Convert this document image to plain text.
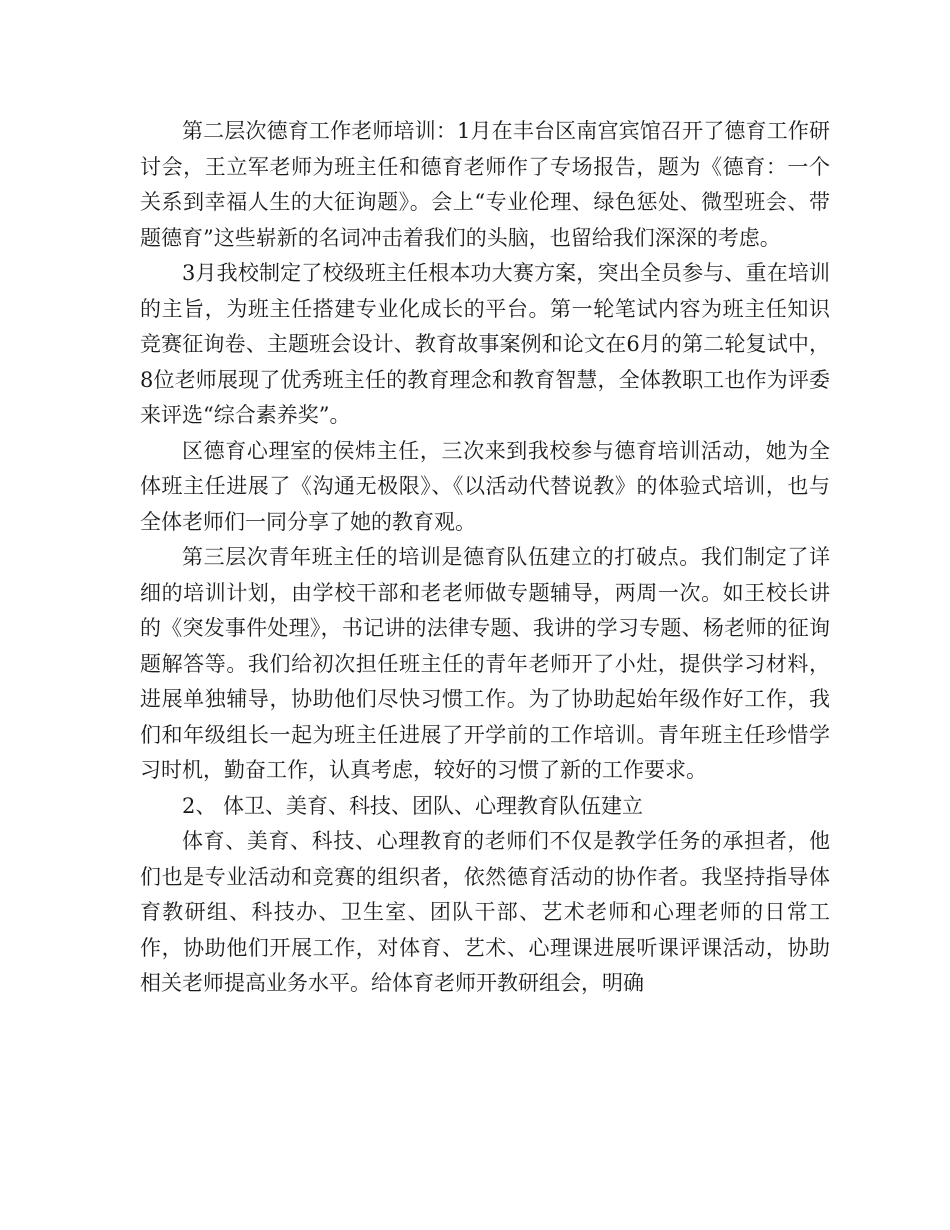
第二层次德育工作老师培训：1月在丰台区南宫宾馆召开了德育工作研讨会，王立军老师为班主任和德育老师作了专场报告，题为《德育：一个关系到幸福人生的大征询题》。会上“专业伦理、绿色惩处、微型班会、带题德育”这些崭新的名词冲击着我们的头脑，也留给我们深深的考虑。

3月我校制定了校级班主任根本功大赛方案，突出全员参与、重在培训的主旨，为班主任搭建专业化成长的平台。第一轮笔试内容为班主任知识竞赛征询卷、主题班会设计、教育故事案例和论文在6月的第二轮复试中，8位老师展现了优秀班主任的教育理念和教育智慧，全体教职工也作为评委来评选“综合素养奖”。

区德育心理室的侯炜主任，三次来到我校参与德育培训活动，她为全体班主任进展了《沟通无极限》、《以活动代替说教》的体验式培训，也与全体老师们一同分享了她的教育观。

第三层次青年班主任的培训是德育队伍建立的打破点。我们制定了详细的培训计划，由学校干部和老老师做专题辅导，两周一次。如王校长讲的《突发事件处理》，书记讲的法律专题、我讲的学习专题、杨老师的征询题解答等。我们给初次担任班主任的青年老师开了小灶，提供学习材料，进展单独辅导，协助他们尽快习惯工作。为了协助起始年级作好工作，我们和年级组长一起为班主任进展了开学前的工作培训。青年班主任珍惜学习时机，勤奋工作，认真考虑，较好的习惯了新的工作要求。

2、 体卫、美育、科技、团队、心理教育队伍建立

体育、美育、科技、心理教育的老师们不仅是教学任务的承担者，他们也是专业活动和竞赛的组织者，依然德育活动的协作者。我坚持指导体育教研组、科技办、卫生室、团队干部、艺术老师和心理老师的日常工作，协助他们开展工作，对体育、艺术、心理课进展听课评课活动，协助相关老师提高业务水平。给体育老师开教研组会，明确
